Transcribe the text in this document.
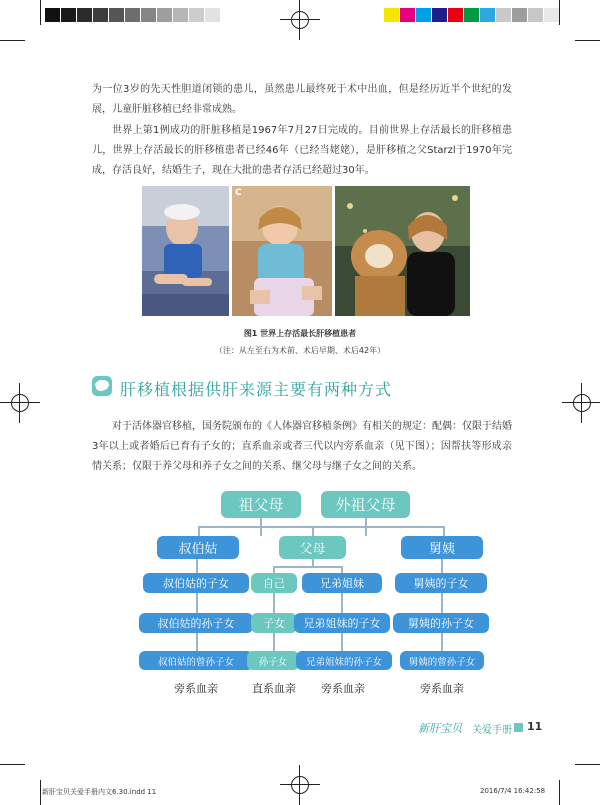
为一位3岁的先天性胆道闭锁的患儿，虽然患儿最终死于术中出血，但是经历近半个世纪的发展，儿童肝脏移植已经非常成熟。

世界上第1例成功的肝脏移植是1967年7月27日完成的。目前世界上存活最长的肝移植患儿，世界上存活最长的肝移植患者已经46年（已经当姥姥），是肝移植之父Starzl于1970年完成，存活良好，结婚生子，现在大批的患者存活已经超过30年。

C
图1 世界上存活最长肝移植患者
（注：从左至右为术前、术后早期、术后42年）
肝移植根据供肝来源主要有两种方式

对于活体器官移植，国务院颁布的《人体器官移植条例》有相关的规定：配偶：仅限于结婚3年以上或者婚后已育有子女的；直系血亲或者三代以内旁系血亲（见下图）；因帮扶等形成亲情关系；仅限于养父母和养子女之间的关系、继父母与继子女之间的关系。

祖父母	外祖父母
叔伯姑	父母	舅姨
叔伯姑的子女	自己	兄弟姐妹	舅姨的子女
叔伯姑的孙子女	子女	兄弟姐妹的子女	舅姨的孙子女
叔伯姑的曾孙子女	孙子女	兄弟姐妹的孙子女	舅姨的曾孙子女
旁系血亲	直系血亲	旁系血亲	旁系血亲
新肝宝贝 关爱手册 11
新肝宝贝关爱手册内文6.30.indd 11	2016/7/4 16:42:58
